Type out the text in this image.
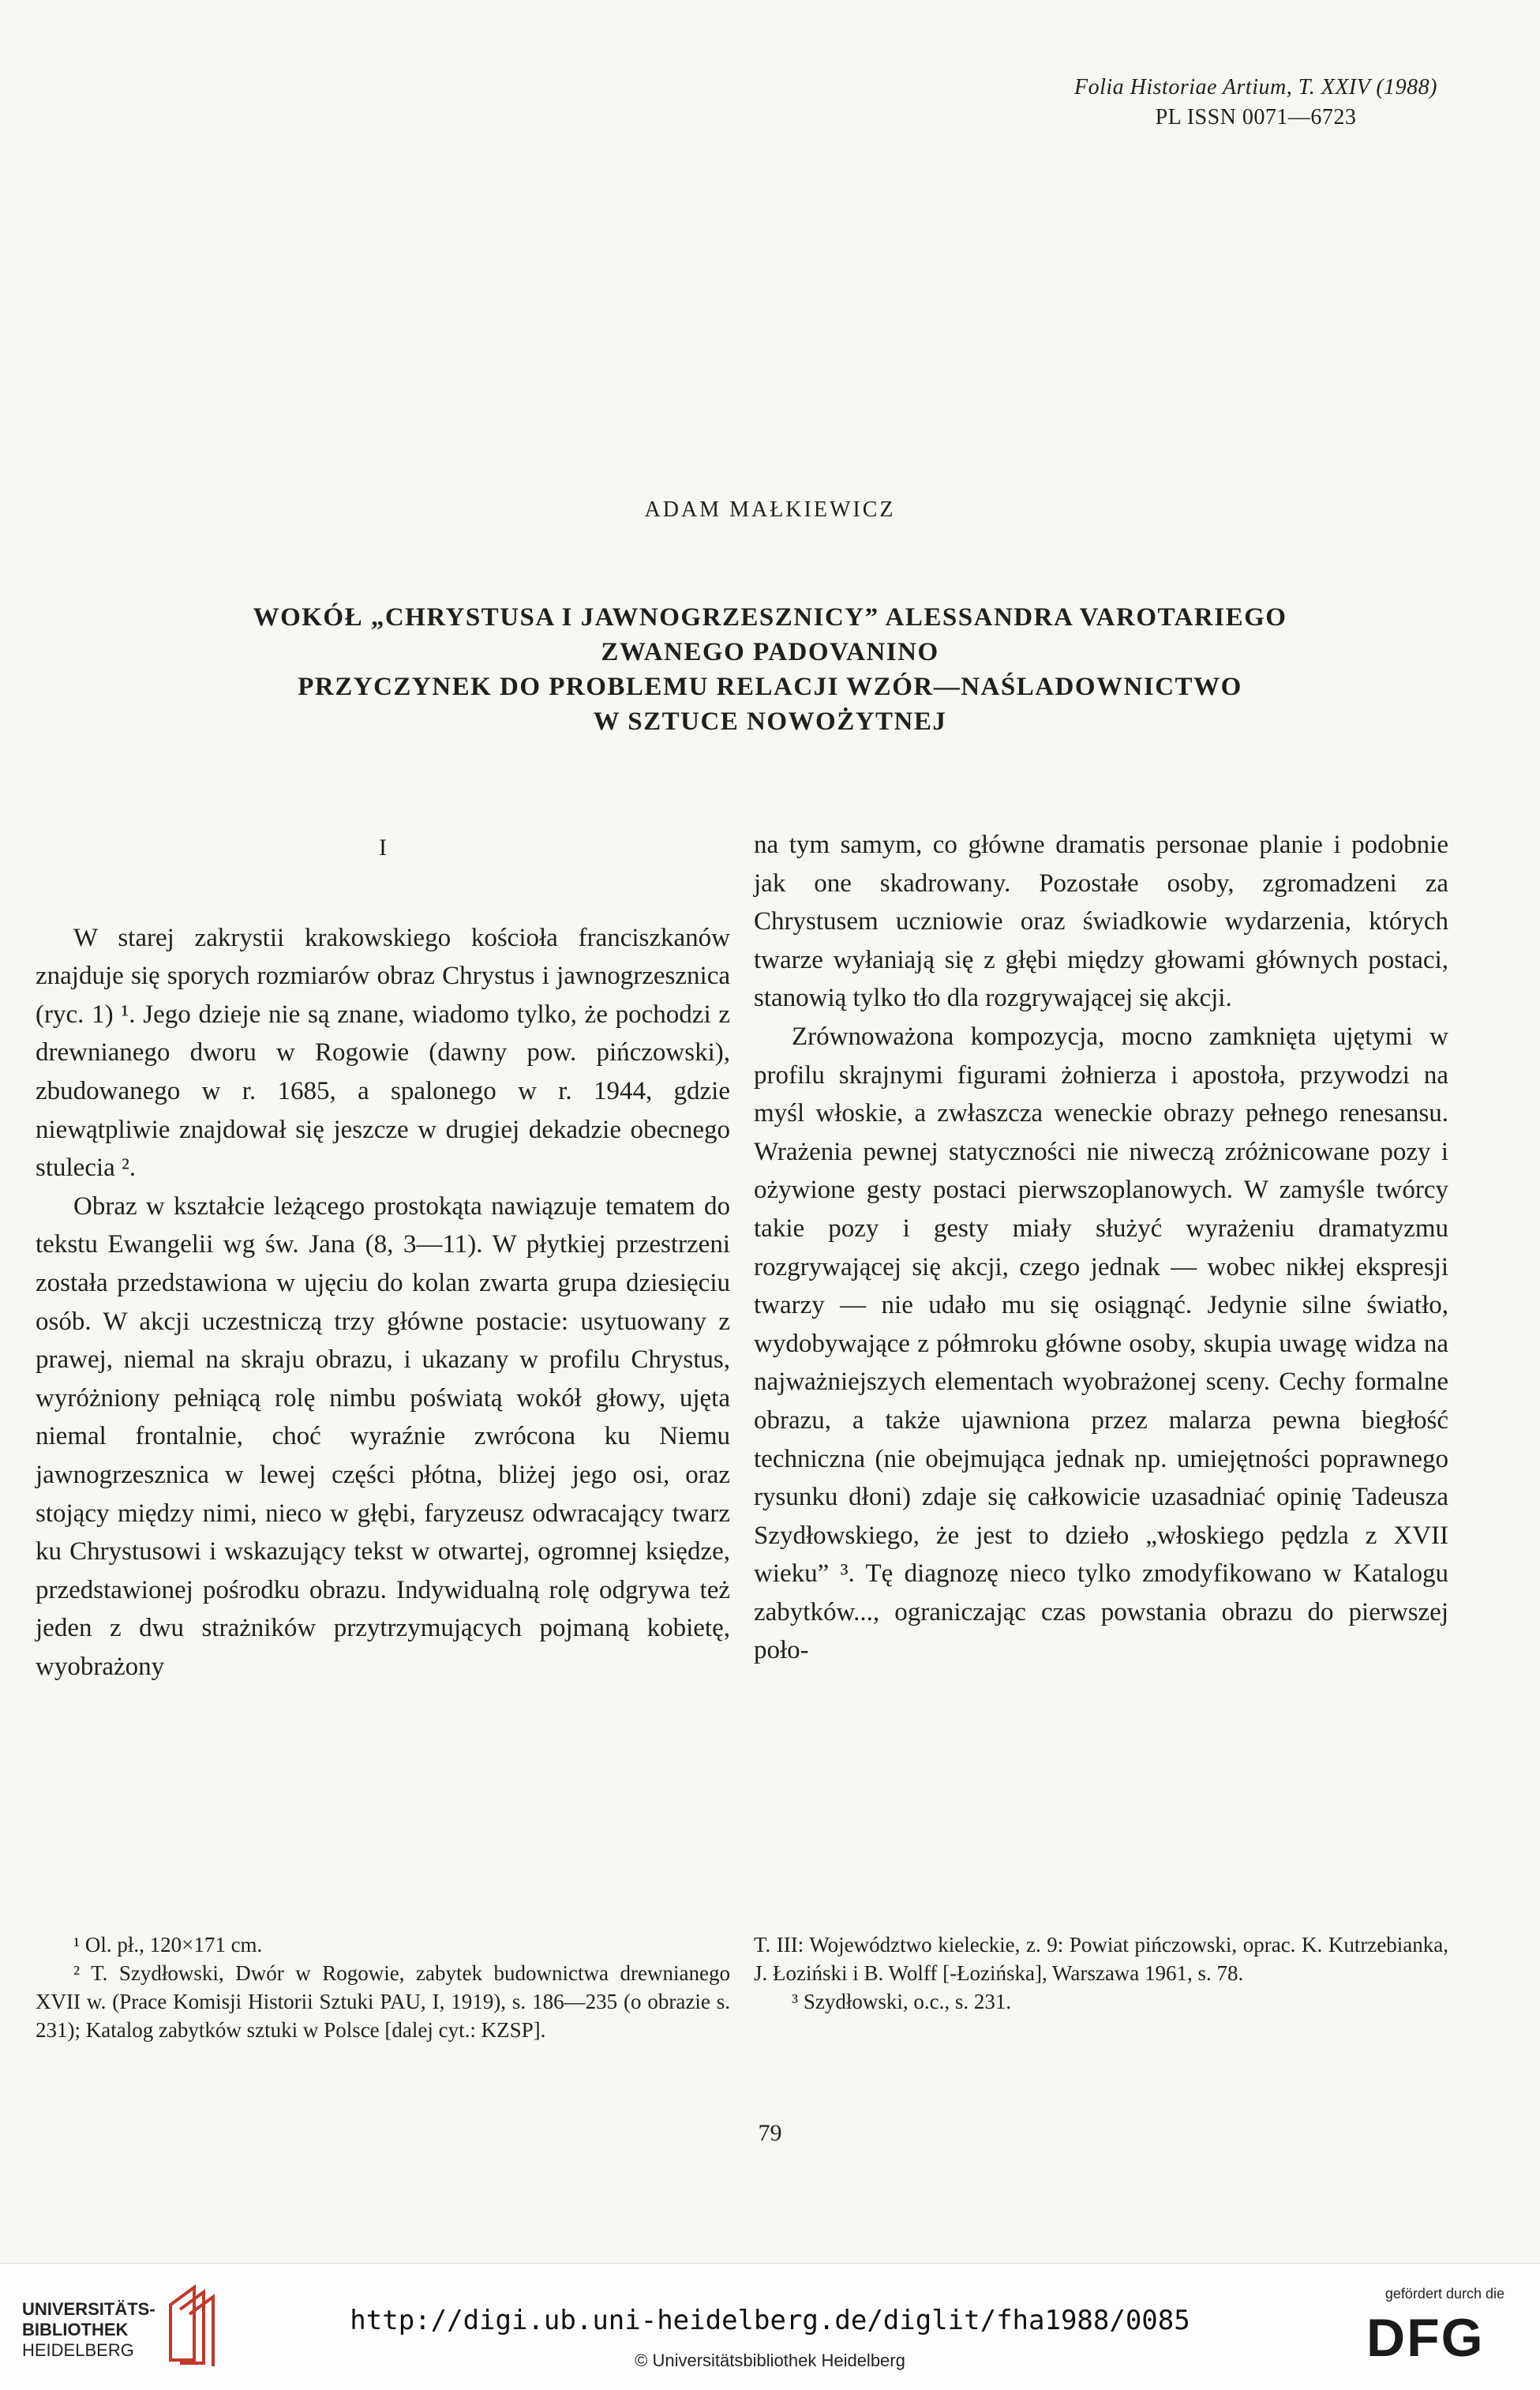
Folia Historiae Artium, T. XXIV (1988)
PL ISSN 0071—6723
ADAM MAŁKIEWICZ
WOKÓŁ „CHRYSTUSA I JAWNOGRZESZNICY” ALESSANDRA VAROTARIEGO
ZWANEGO PADOVANINO
PRZYCZYNEK DO PROBLEMU RELACJI WZÓR—NAŚLADOWNICTWO
W SZTUCE NOWOŻYTNEJ

I

W starej zakrystii krakowskiego kościoła franciszkanów znajduje się sporych rozmiarów obraz Chrystus i jawnogrzesznica (ryc. 1) ¹. Jego dzieje nie są znane, wiadomo tylko, że pochodzi z drewnianego dworu w Rogowie (dawny pow. pińczowski), zbudowanego w r. 1685, a spalonego w r. 1944, gdzie niewątpliwie znajdował się jeszcze w drugiej dekadzie obecnego stulecia ².

Obraz w kształcie leżącego prostokąta nawiązuje tematem do tekstu Ewangelii wg św. Jana (8, 3—11). W płytkiej przestrzeni została przedstawiona w ujęciu do kolan zwarta grupa dziesięciu osób. W akcji uczestniczą trzy główne postacie: usytuowany z prawej, niemal na skraju obrazu, i ukazany w profilu Chrystus, wyróżniony pełniącą rolę nimbu poświatą wokół głowy, ujęta niemal frontalnie, choć wyraźnie zwrócona ku Niemu jawnogrzesznica w lewej części płótna, bliżej jego osi, oraz stojący między nimi, nieco w głębi, faryzeusz odwracający twarz ku Chrystusowi i wskazujący tekst w otwartej, ogromnej księdze, przedstawionej pośrodku obrazu. Indywidualną rolę odgrywa też jeden z dwu strażników przytrzymujących pojmaną kobietę, wyobrażony

na tym samym, co główne dramatis personae planie i podobnie jak one skadrowany. Pozostałe osoby, zgromadzeni za Chrystusem uczniowie oraz świadkowie wydarzenia, których twarze wyłaniają się z głębi między głowami głównych postaci, stanowią tylko tło dla rozgrywającej się akcji.

Zrównoważona kompozycja, mocno zamknięta ujętymi w profilu skrajnymi figurami żołnierza i apostoła, przywodzi na myśl włoskie, a zwłaszcza weneckie obrazy pełnego renesansu. Wrażenia pewnej statyczności nie niweczą zróżnicowane pozy i ożywione gesty postaci pierwszoplanowych. W zamyśle twórcy takie pozy i gesty miały służyć wyrażeniu dramatyzmu rozgrywającej się akcji, czego jednak — wobec nikłej ekspresji twarzy — nie udało mu się osiągnąć. Jedynie silne światło, wydobywające z półmroku główne osoby, skupia uwagę widza na najważniejszych elementach wyobrażonej sceny. Cechy formalne obrazu, a także ujawniona przez malarza pewna biegłość techniczna (nie obejmująca jednak np. umiejętności poprawnego rysunku dłoni) zdaje się całkowicie uzasadniać opinię Tadeusza Szydłowskiego, że jest to dzieło „włoskiego pędzla z XVII wieku” ³. Tę diagnozę nieco tylko zmodyfikowano w Katalogu zabytków..., ograniczając czas powstania obrazu do pierwszej poło-

¹ Ol. pł., 120×171 cm.

² T. Szydłowski, Dwór w Rogowie, zabytek budownictwa drewnianego XVII w. (Prace Komisji Historii Sztuki PAU, I, 1919), s. 186—235 (o obrazie s. 231); Katalog zabytków sztuki w Polsce [dalej cyt.: KZSP].

T. III: Województwo kieleckie, z. 9: Powiat pińczowski, oprac. K. Kutrzebianka, J. Łoziński i B. Wolff [-Łozińska], Warszawa 1961, s. 78.

³ Szydłowski, o.c., s. 231.

79
UNIVERSITÄTS-
BIBLIOTHEK
HEIDELBERG
http://digi.ub.uni-heidelberg.de/diglit/fha1988/0085
© Universitätsbibliothek Heidelberg
gefördert durch die
DFG
